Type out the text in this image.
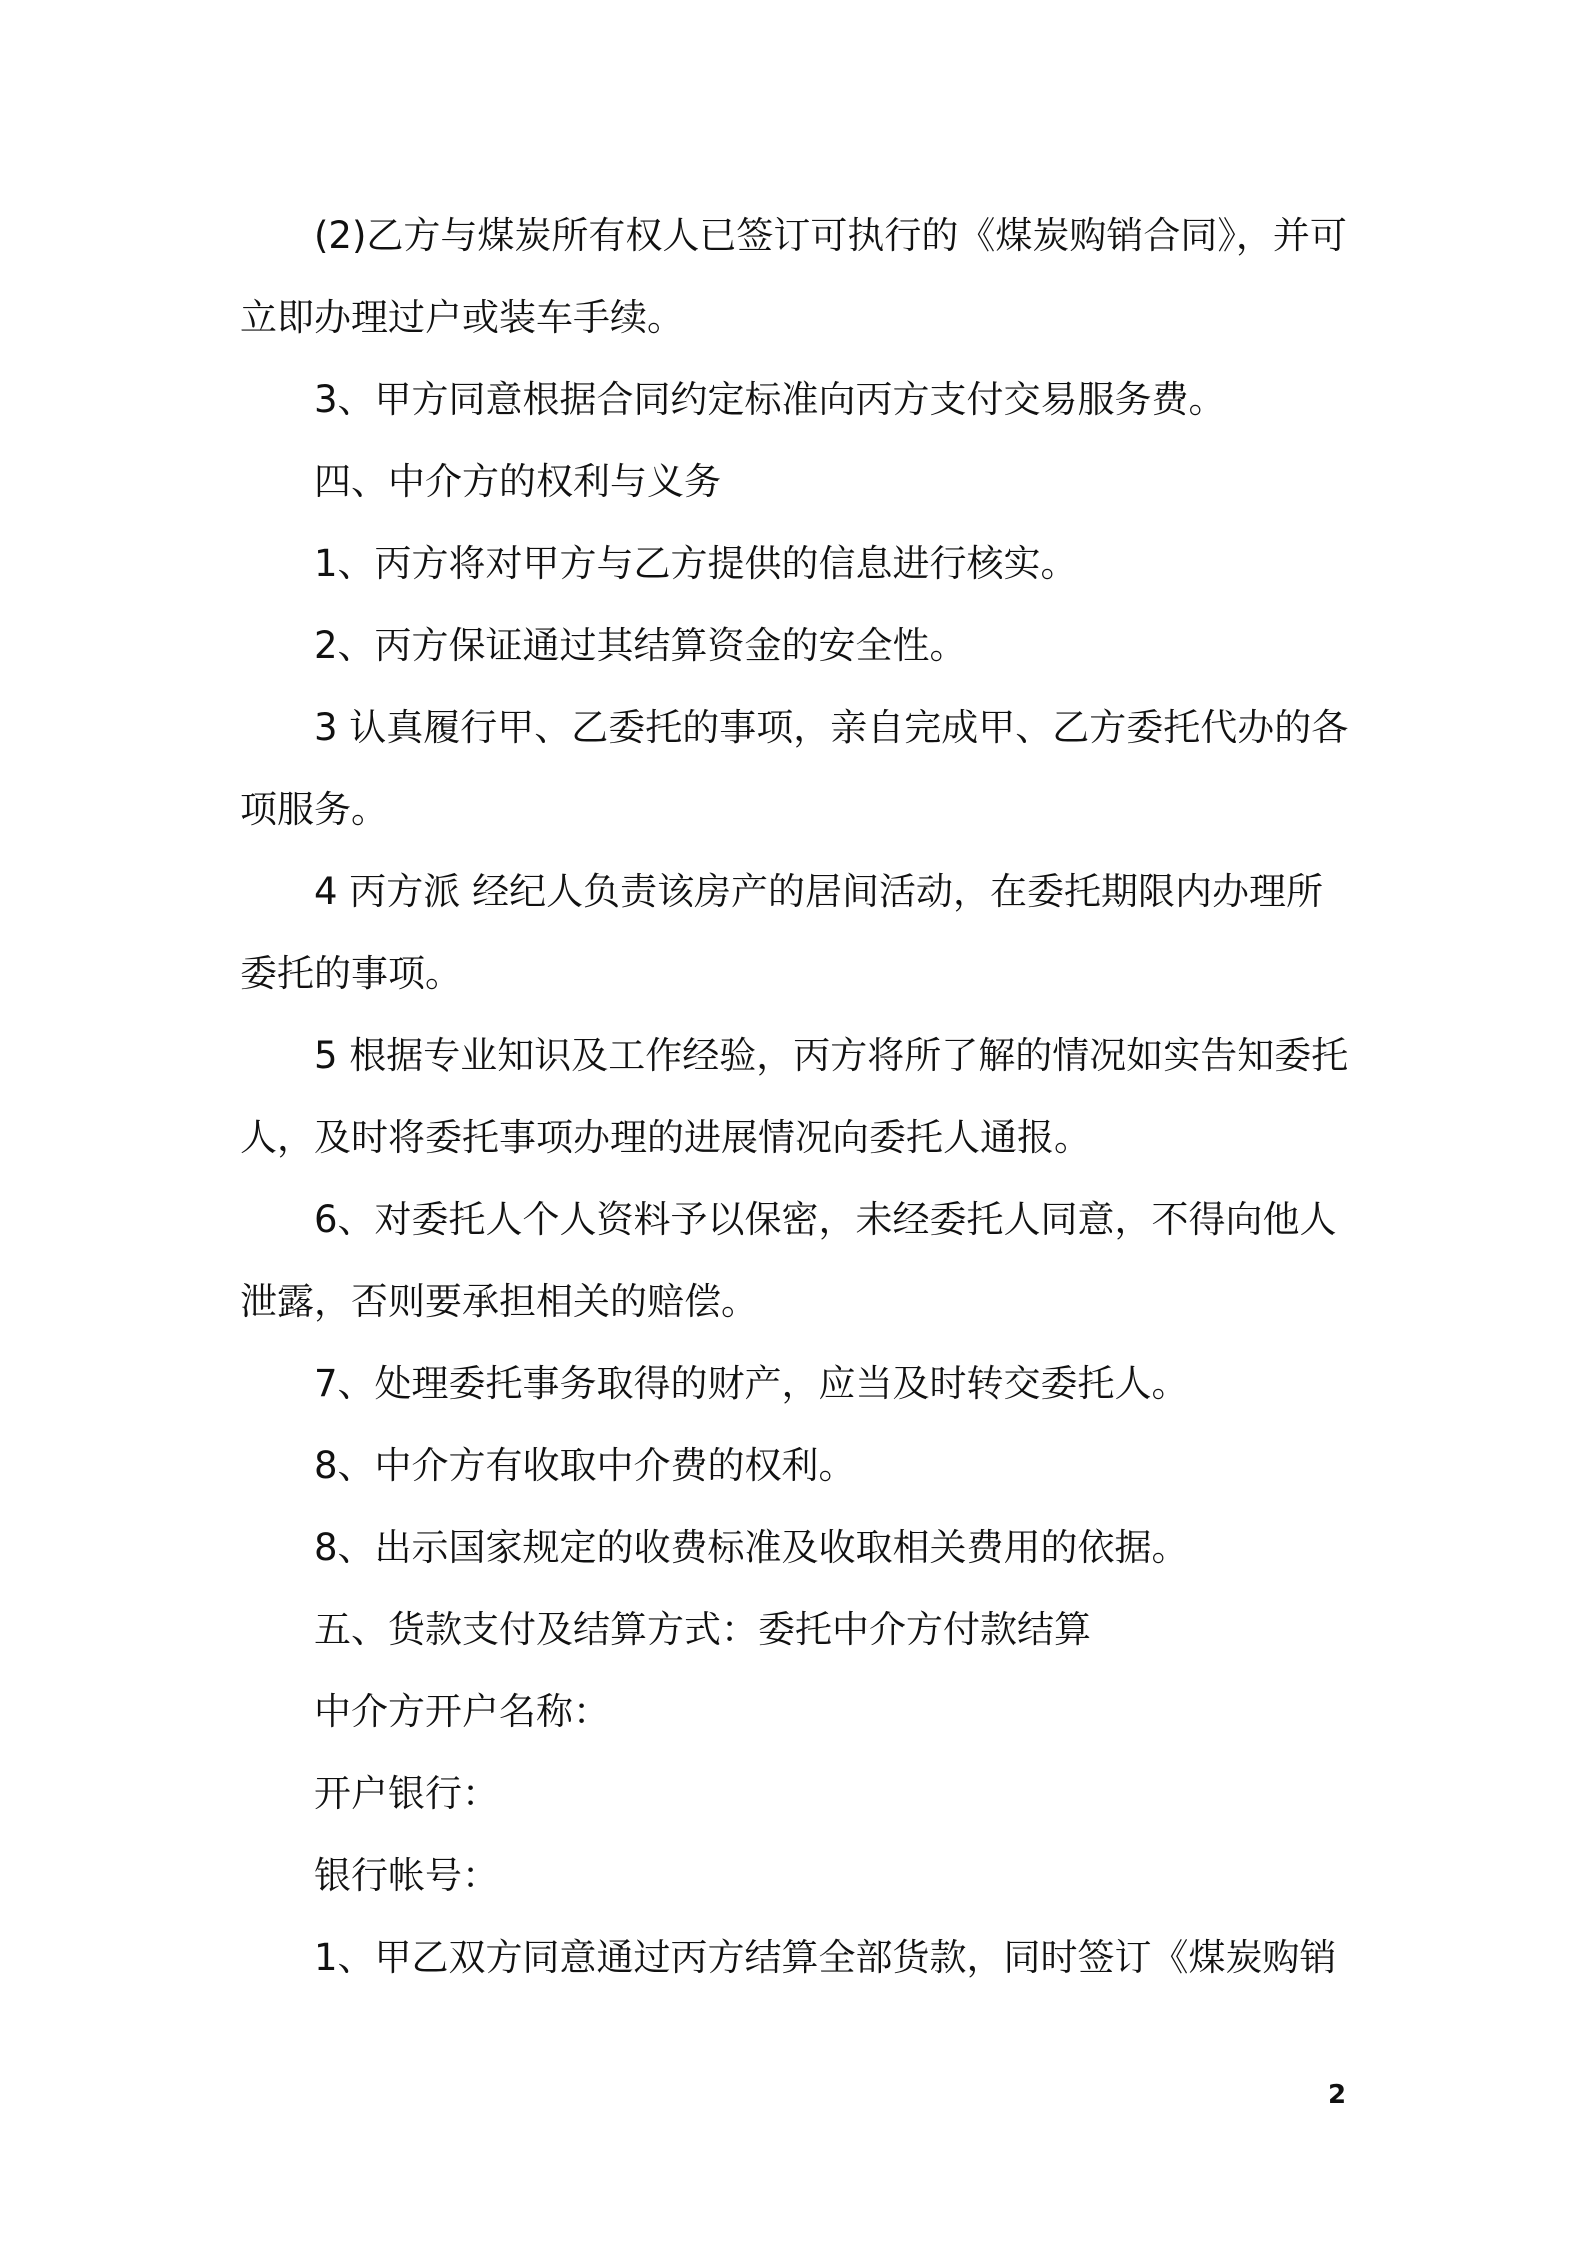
(2)乙方与煤炭所有权人已签订可执行的《煤炭购销合同》，并可立即办理过户或装车手续。

3、甲方同意根据合同约定标准向丙方支付交易服务费。

四、中介方的权利与义务

1、丙方将对甲方与乙方提供的信息进行核实。

2、丙方保证通过其结算资金的安全性。

3 认真履行甲、乙委托的事项，亲自完成甲、乙方委托代办的各项服务。

4 丙方派 经纪人负责该房产的居间活动，在委托期限内办理所委托的事项。

5 根据专业知识及工作经验，丙方将所了解的情况如实告知委托人，及时将委托事项办理的进展情况向委托人通报。

6、对委托人个人资料予以保密，未经委托人同意，不得向他人泄露，否则要承担相关的赔偿。

7、处理委托事务取得的财产，应当及时转交委托人。

8、中介方有收取中介费的权利。

8、出示国家规定的收费标准及收取相关费用的依据。

五、货款支付及结算方式：委托中介方付款结算

中介方开户名称：

开户银行：

银行帐号：

1、甲乙双方同意通过丙方结算全部货款，同时签订《煤炭购销

2
